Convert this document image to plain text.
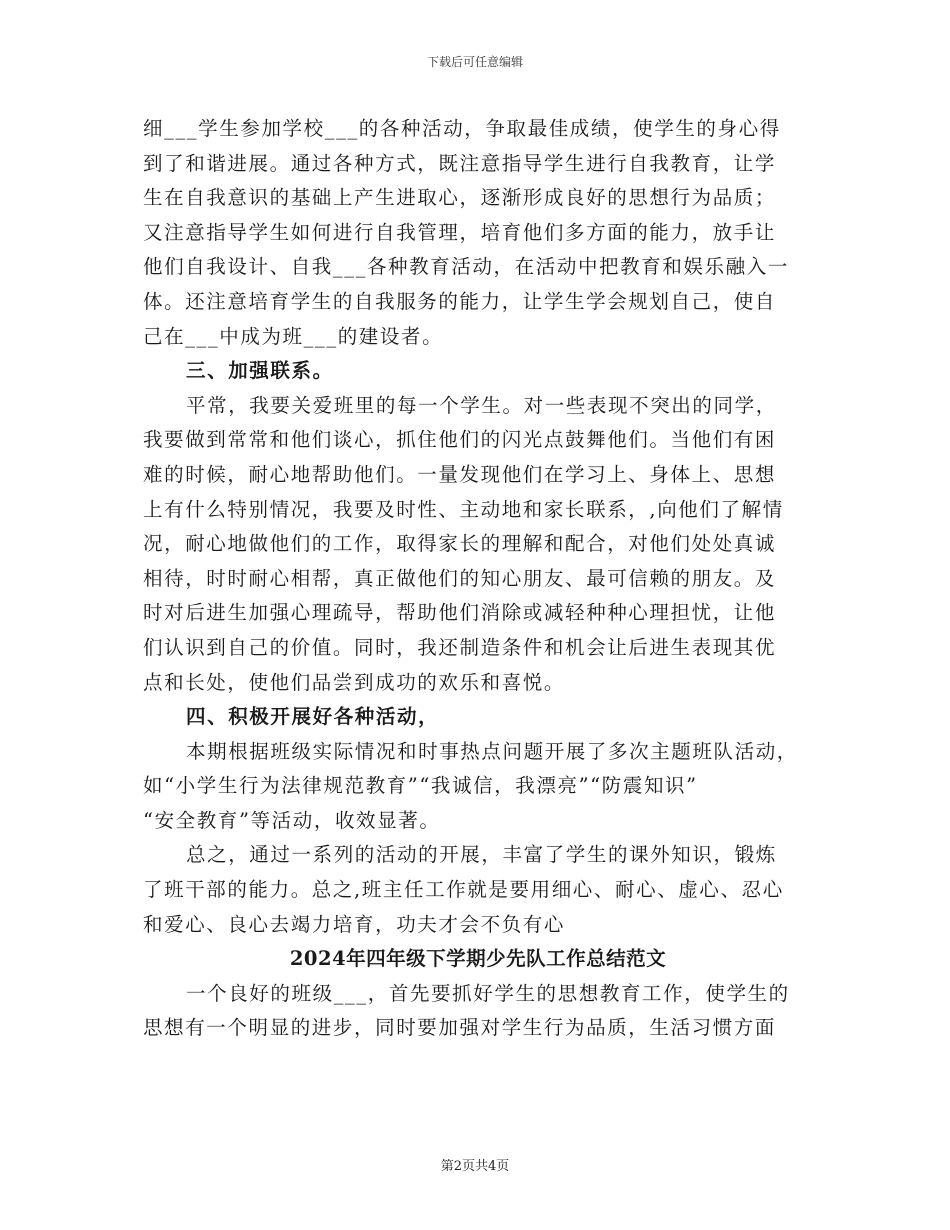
下载后可任意编辑
细___学生参加学校___的各种活动，争取最佳成绩，使学生的身心得
到了和谐进展。通过各种方式，既注意指导学生进行自我教育，让学
生在自我意识的基础上产生进取心，逐渐形成良好的思想行为品质；
又注意指导学生如何进行自我管理，培育他们多方面的能力，放手让
他们自我设计、自我___各种教育活动，在活动中把教育和娱乐融入一
体。还注意培育学生的自我服务的能力，让学生学会规划自己，使自
己在___中成为班___的建设者。
三、加强联系。
平常，我要关爱班里的每一个学生。对一些表现不突出的同学，
我要做到常常和他们谈心，抓住他们的闪光点鼓舞他们。当他们有困
难的时候，耐心地帮助他们。一量发现他们在学习上、身体上、思想
上有什么特别情况，我要及时性、主动地和家长联系，,向他们了解情
况，耐心地做他们的工作，取得家长的理解和配合，对他们处处真诚
相待，时时耐心相帮，真正做他们的知心朋友、最可信赖的朋友。及
时对后进生加强心理疏导，帮助他们消除或减轻种种心理担忧，让他
们认识到自己的价值。同时，我还制造条件和机会让后进生表现其优
点和长处，使他们品尝到成功的欢乐和喜悦。
四、积极开展好各种活动，
本期根据班级实际情况和时事热点问题开展了多次主题班队活动，
如“小学生行为法律规范教育”“我诚信，我漂亮”“防震知识”
“安全教育”等活动，收效显著。
总之，通过一系列的活动的开展，丰富了学生的课外知识，锻炼
了班干部的能力。总之,班主任工作就是要用细心、耐心、虚心、忍心
和爱心、良心去竭力培育，功夫才会不负有心
2024年四年级下学期少先队工作总结范文
一个良好的班级___，首先要抓好学生的思想教育工作，使学生的
思想有一个明显的进步，同时要加强对学生行为品质，生活习惯方面
第2页共4页
